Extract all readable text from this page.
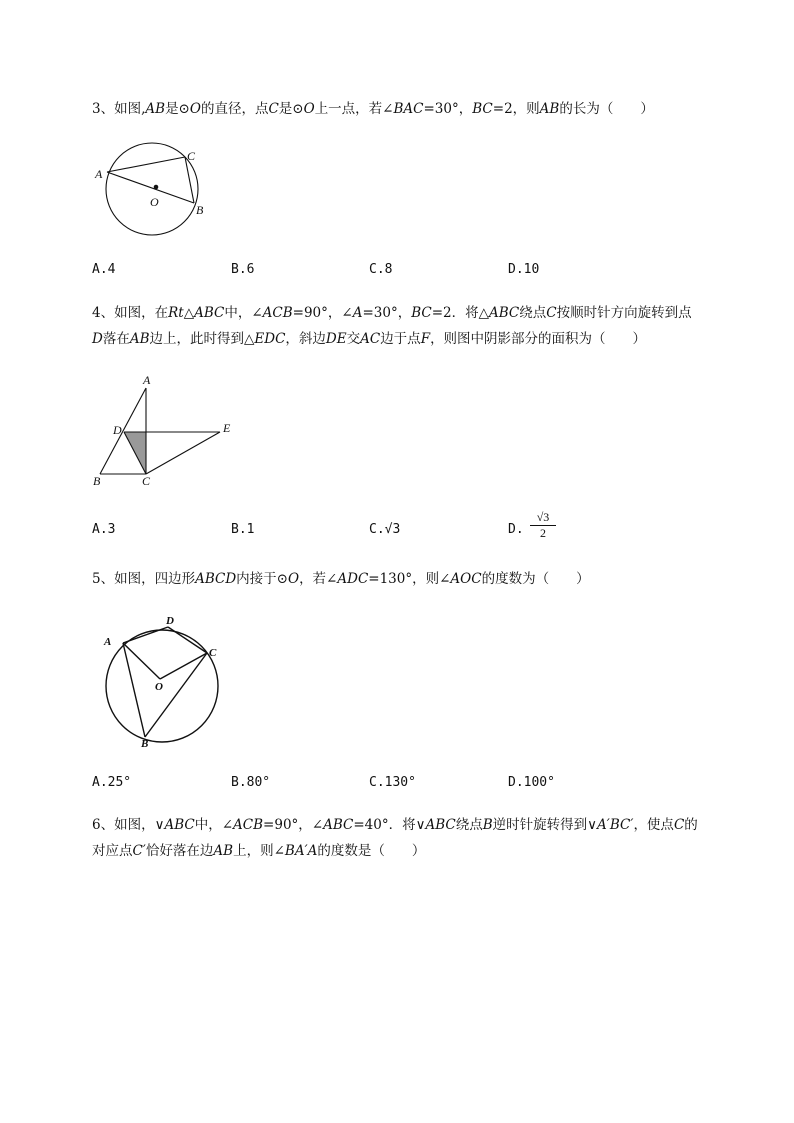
3、如图,AB是⊙O的直径，点C是⊙O上一点，若∠BAC=30°，BC=2，则AB的长为（　　）
A
C
O
B
A.4	B.6	C.8	D.10
4、如图，在Rt△ABC中，∠ACB=90°，∠A=30°，BC=2．将△ABC绕点C按顺时针方向旋转到点
D落在AB边上，此时得到△EDC，斜边DE交AC边于点F，则图中阴影部分的面积为（　　）
A
D	E
B	C
A.3	B.1	C.√3	D. $\frac{√3}{2}$
5、如图，四边形ABCD内接于⊙O，若∠ADC=130°，则∠AOC的度数为（　　）
A
D
C
O
B
A.25°	B.80°	C.130°	D.100°
6、如图，∨ABC中，∠ACB=90°，∠ABC=40°．将∨ABC绕点B逆时针旋转得到∨A′BC′，使点C的
对应点C′恰好落在边AB上，则∠BA′A的度数是（　　）
